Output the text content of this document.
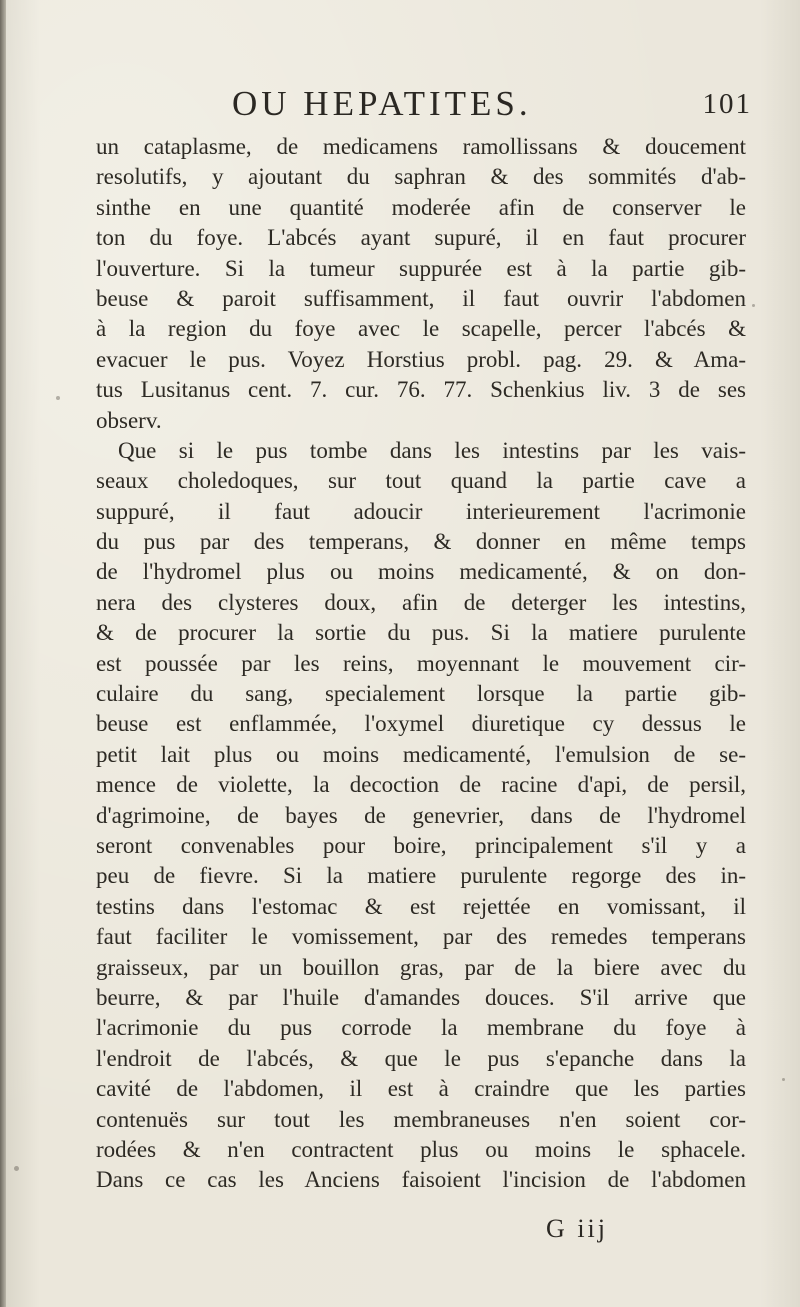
OU HEPATITES.	101
un cataplasme, de medicamens ramollissans & doucement
resolutifs, y ajoutant du saphran & des sommités d'ab-
sinthe en une quantité moderée afin de conserver le
ton du foye. L'abcés ayant supuré, il en faut procurer
l'ouverture. Si la tumeur suppurée est à la partie gib-
beuse & paroit suffisamment, il faut ouvrir l'abdomen
à la region du foye avec le scapelle, percer l'abcés &
evacuer le pus. Voyez Horstius probl. pag. 29. & Ama-
tus Lusitanus cent. 7. cur. 76. 77. Schenkius liv. 3 de ses
observ.
Que si le pus tombe dans les intestins par les vais-
seaux choledoques, sur tout quand la partie cave a
suppuré, il faut adoucir interieurement l'acrimonie
du pus par des temperans, & donner en même temps
de l'hydromel plus ou moins medicamenté, & on don-
nera des clysteres doux, afin de deterger les intestins,
& de procurer la sortie du pus. Si la matiere purulente
est poussée par les reins, moyennant le mouvement cir-
culaire du sang, specialement lorsque la partie gib-
beuse est enflammée, l'oxymel diuretique cy dessus le
petit lait plus ou moins medicamenté, l'emulsion de se-
mence de violette, la decoction de racine d'api, de persil,
d'agrimoine, de bayes de genevrier, dans de l'hydromel
seront convenables pour boire, principalement s'il y a
peu de fievre. Si la matiere purulente regorge des in-
testins dans l'estomac & est rejettée en vomissant, il
faut faciliter le vomissement, par des remedes temperans
graisseux, par un bouillon gras, par de la biere avec du
beurre, & par l'huile d'amandes douces. S'il arrive que
l'acrimonie du pus corrode la membrane du foye à
l'endroit de l'abcés, & que le pus s'epanche dans la
cavité de l'abdomen, il est à craindre que les parties
contenuës sur tout les membraneuses n'en soient cor-
rodées & n'en contractent plus ou moins le sphacele.
Dans ce cas les Anciens faisoient l'incision de l'abdomen
G iij
